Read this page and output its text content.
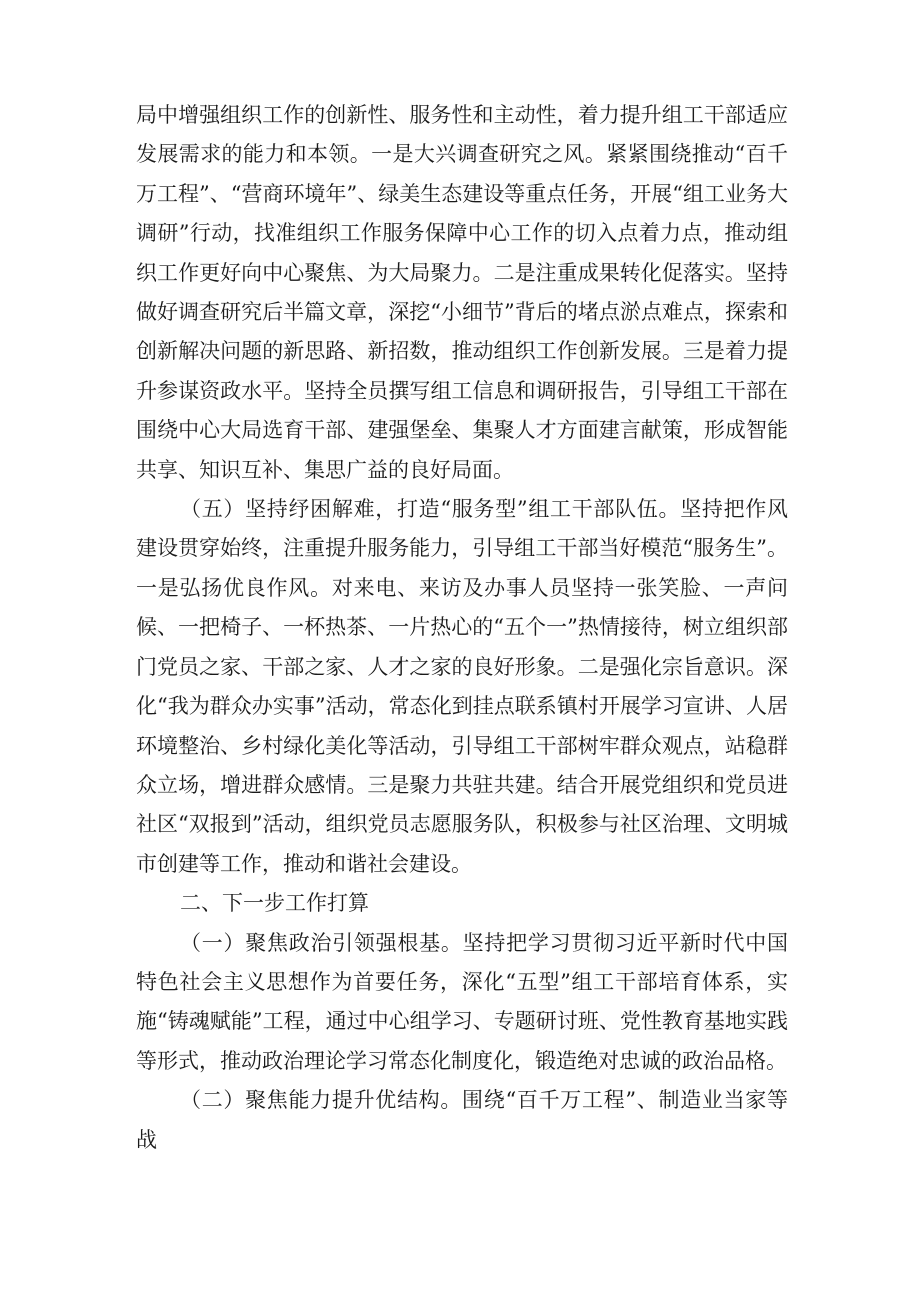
局中增强组织工作的创新性、服务性和主动性，着力提升组工干部适应发展需求的能力和本领。一是大兴调查研究之风。紧紧围绕推动“百千万工程”、“营商环境年”、绿美生态建设等重点任务，开展“组工业务大调研”行动，找准组织工作服务保障中心工作的切入点着力点，推动组织工作更好向中心聚焦、为大局聚力。二是注重成果转化促落实。坚持做好调查研究后半篇文章，深挖“小细节”背后的堵点淤点难点，探索和创新解决问题的新思路、新招数，推动组织工作创新发展。三是着力提升参谋资政水平。坚持全员撰写组工信息和调研报告，引导组工干部在围绕中心大局选育干部、建强堡垒、集聚人才方面建言献策，形成智能共享、知识互补、集思广益的良好局面。

（五）坚持纾困解难，打造“服务型”组工干部队伍。坚持把作风建设贯穿始终，注重提升服务能力，引导组工干部当好模范“服务生”。一是弘扬优良作风。对来电、来访及办事人员坚持一张笑脸、一声问候、一把椅子、一杯热茶、一片热心的“五个一”热情接待，树立组织部门党员之家、干部之家、人才之家的良好形象。二是强化宗旨意识。深化“我为群众办实事”活动，常态化到挂点联系镇村开展学习宣讲、人居环境整治、乡村绿化美化等活动，引导组工干部树牢群众观点，站稳群众立场，增进群众感情。三是聚力共驻共建。结合开展党组织和党员进社区“双报到”活动，组织党员志愿服务队，积极参与社区治理、文明城市创建等工作，推动和谐社会建设。

二、下一步工作打算

（一）聚焦政治引领强根基。坚持把学习贯彻习近平新时代中国特色社会主义思想作为首要任务，深化“五型”组工干部培育体系，实施“铸魂赋能”工程，通过中心组学习、专题研讨班、党性教育基地实践等形式，推动政治理论学习常态化制度化，锻造绝对忠诚的政治品格。

（二）聚焦能力提升优结构。围绕“百千万工程”、制造业当家等战
